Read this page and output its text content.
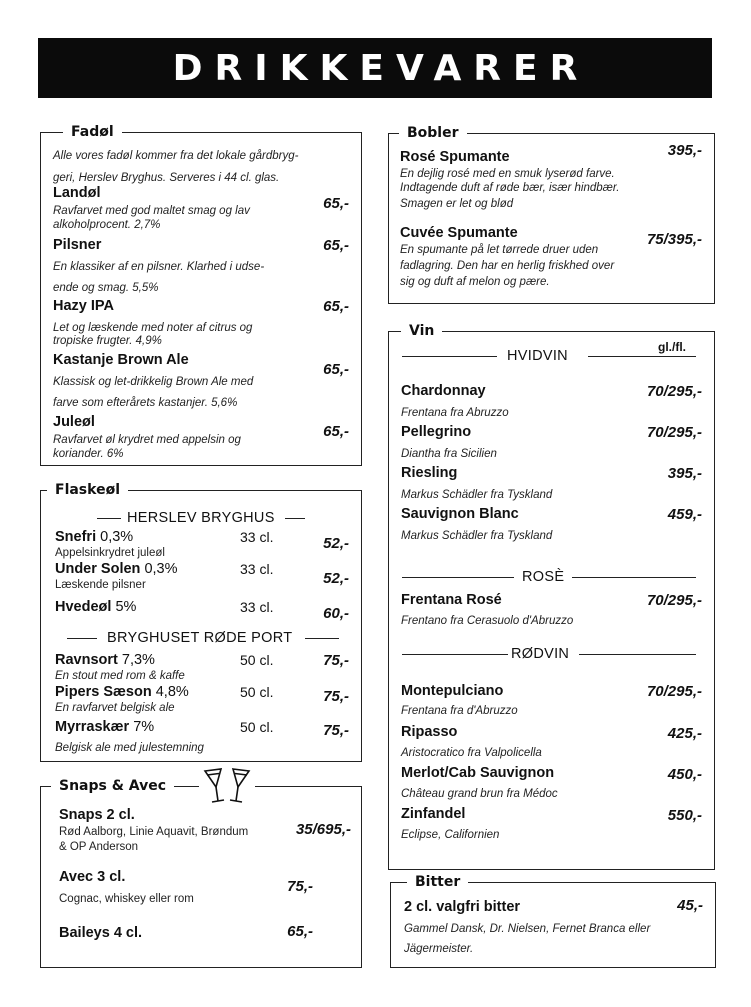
DRIKKEVARER
Fadøl
Alle vores fadøl kommer fra det lokale gårdbryg-
geri, Herslev Bryghus. Serveres i 44 cl. glas.
Landøl
Ravfarvet med god maltet smag og lav
alkoholprocent. 2,7%
65,-
Pilsner
En klassiker af en pilsner. Klarhed i udse-
ende og smag. 5,5%
65,-
Hazy IPA
Let og læskende med noter af citrus og
tropiske frugter. 4,9%
65,-
Kastanje Brown Ale
Klassisk og let-drikkelig Brown Ale med
farve som efterårets kastanjer. 5,6%
65,-
Juleøl
Ravfarvet øl krydret med appelsin og
koriander. 6%
65,-
Flaskeøl
HERSLEV BRYGHUS
Snefri 0,3%	33 cl.
Appelsinkrydret juleøl
52,-
Under Solen 0,3%	33 cl.
Læskende pilsner	52,-
Hvedeøl 5%	33 cl.	60,-
BRYGHUSET RØDE PORT
Ravnsort 7,3%	50 cl.
En stout med rom & kaffe
75,-
Pipers Sæson 4,8%	50 cl.
En ravfarvet belgisk ale
75,-
Myrraskær 7%	50 cl.
Belgisk ale med julestemning
75,-
Snaps & Avec
Snaps 2 cl.
Rød Aalborg, Linie Aquavit, Brøndum
& OP Anderson
35/695,-
Avec 3 cl.
Cognac, whiskey eller rom
75,-
Baileys 4 cl.	65,-
Bobler
Rosé Spumante
En dejlig rosé med en smuk lyserød farve.
Indtagende duft af røde bær, især hindbær.
Smagen er let og blød
395,-
Cuvée Spumante
En spumante på let tørrede druer uden
fadlagring. Den har en herlig friskhed over
sig og duft af melon og pære.
75/395,-
Vin
gl./fl.
HVIDVIN
Chardonnay
Frentana fra Abruzzo
70/295,-
Pellegrino
Diantha fra Sicilien
70/295,-
Riesling
Markus Schädler fra Tyskland
395,-
Sauvignon Blanc
Markus Schädler fra Tyskland
459,-
ROSÈ
Frentana Rosé
Frentano fra Cerasuolo d'Abruzzo
70/295,-
RØDVIN
Montepulciano
Frentana fra d'Abruzzo
70/295,-
Ripasso
Aristocratico fra Valpolicella
425,-
Merlot/Cab Sauvignon
Château grand brun fra Médoc
450,-
Zinfandel
Eclipse, Californien
550,-
Bitter
2 cl. valgfri bitter
Gammel Dansk, Dr. Nielsen, Fernet Branca eller
Jägermeister.
45,-
